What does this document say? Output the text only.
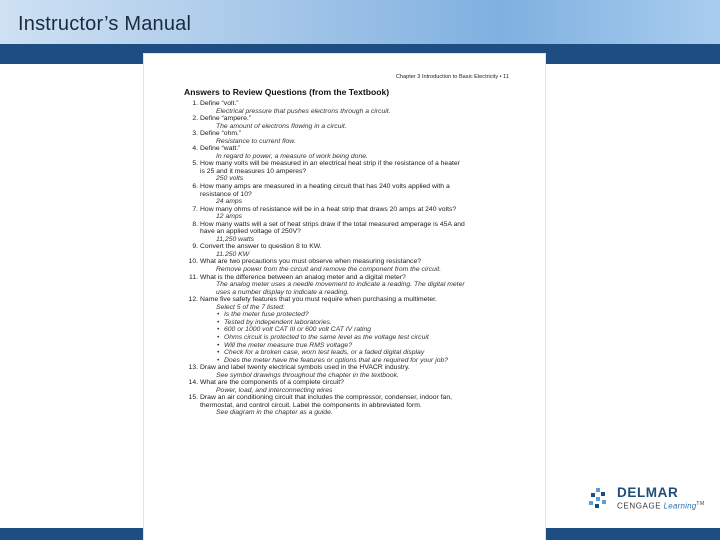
Instructor’s Manual
Chapter 3 Introduction to Basic Electricity • 11
Answers to Review Questions (from the Textbook)
1. Define “volt.”
Electrical pressure that pushes electrons through a circuit.
2. Define “ampere.”
The amount of electrons flowing in a circuit.
3. Define “ohm.”
Resistance to current flow.
4. Define “watt.”
In regard to power, a measure of work being done.
5. How many volts will be measured in an electrical heat strip if the resistance of a heater
is 25 and it measures 10 amperes?
250 volts
6. How many amps are measured in a heating circuit that has 240 volts applied with a
resistance of 10?
24 amps
7. How many ohms of resistance will be in a heat strip that draws 20 amps at 240 volts?
12 amps
8. How many watts will a set of heat strips draw if the total measured amperage is 45A and
have an applied voltage of 250V?
11,250 watts
9. Convert the answer to question 8 to KW.
11.250 KW
10. What are two precautions you must observe when measuring resistance?
Remove power from the circuit and remove the component from the circuit.
11. What is the difference between an analog meter and a digital meter?
The analog meter uses a needle movement to indicate a reading. The digital meter
uses a number display to indicate a reading.
12. Name five safety features that you must require when purchasing a multimeter.
Select 5 of the 7 listed:
• Is the meter fuse protected?
• Tested by independent laboratories.
• 600 or 1000 volt CAT III or 600 volt CAT IV rating
• Ohms circuit is protected to the same level as the voltage test circuit
• Will the meter measure true RMS voltage?
• Check for a broken case, worn test leads, or a faded digital display
• Does the meter have the features or options that are required for your job?
13. Draw and label twenty electrical symbols used in the HVACR industry.
See symbol drawings throughout the chapter in the textbook.
14. What are the components of a complete circuit?
Power, load, and interconnecting wires
15. Draw an air conditioning circuit that includes the compressor, condenser, indoor fan,
thermostat, and control circuit. Label the components in abbreviated form.
See diagram in the chapter as a guide.
DELMAR
CENGAGE Learning™
